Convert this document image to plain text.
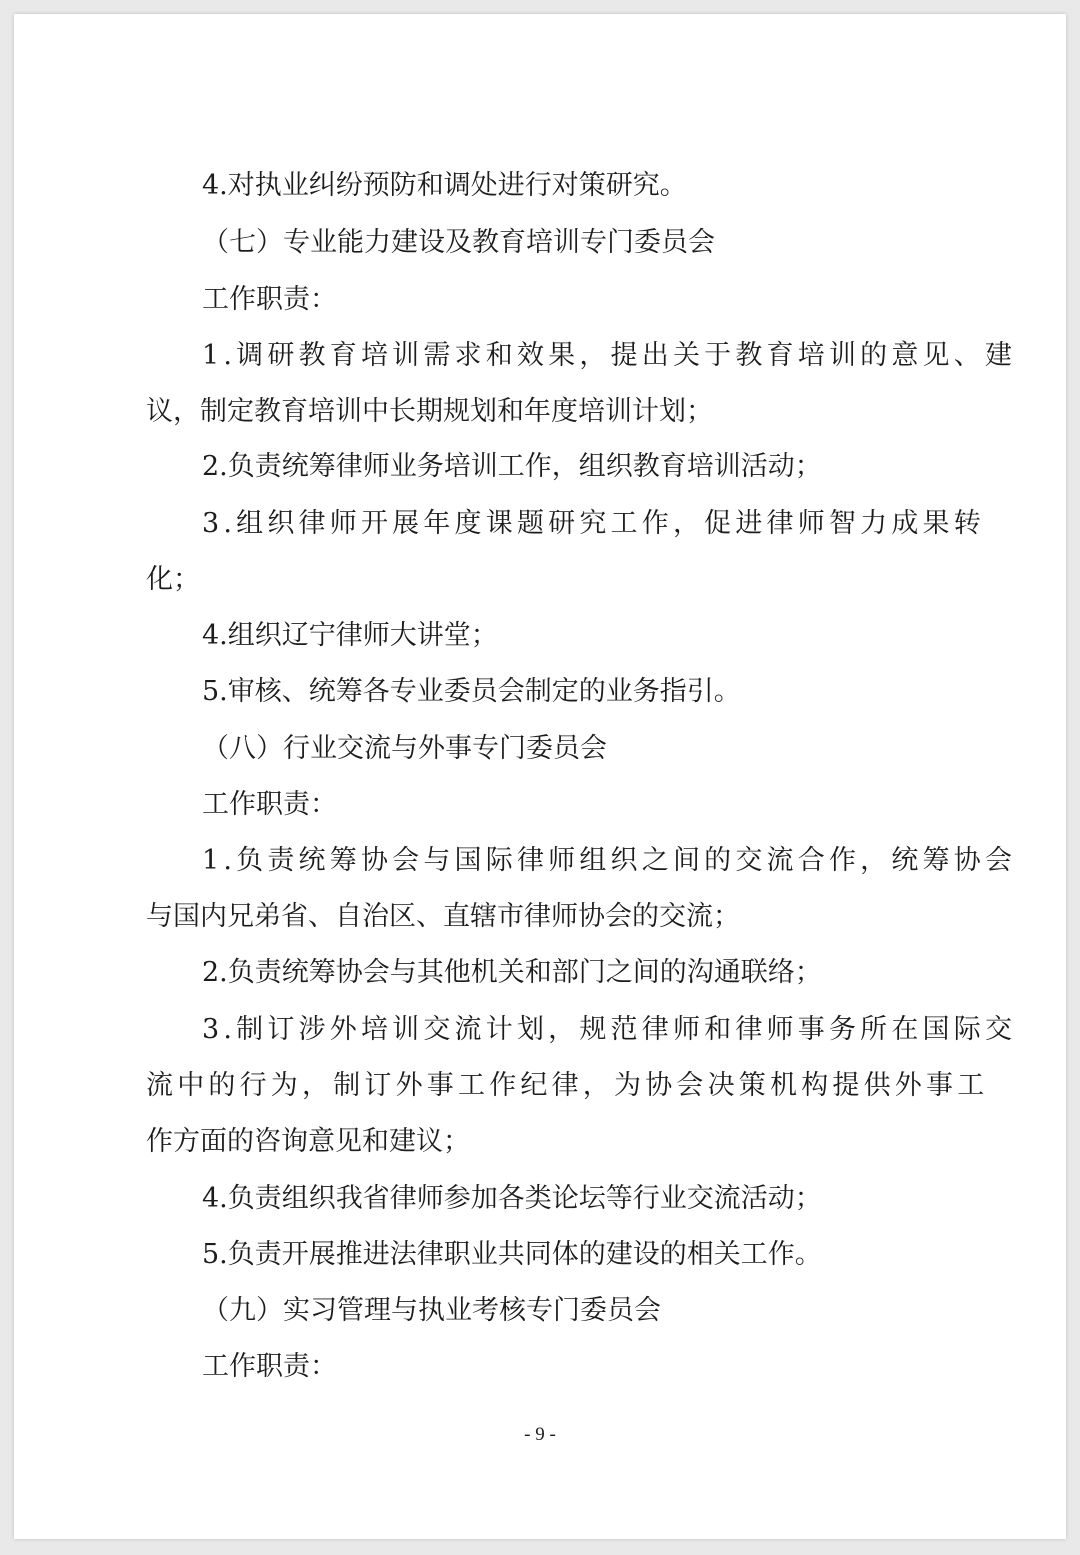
4.对执业纠纷预防和调处进行对策研究。

（七）专业能力建设及教育培训专门委员会

工作职责：

1.调研教育培训需求和效果，提出关于教育培训的意见、建

议，制定教育培训中长期规划和年度培训计划；

2.负责统筹律师业务培训工作，组织教育培训活动；

3.组织律师开展年度课题研究工作，促进律师智力成果转

化；

4.组织辽宁律师大讲堂；

5.审核、统筹各专业委员会制定的业务指引。

（八）行业交流与外事专门委员会

工作职责：

1.负责统筹协会与国际律师组织之间的交流合作，统筹协会

与国内兄弟省、自治区、直辖市律师协会的交流；

2.负责统筹协会与其他机关和部门之间的沟通联络；

3.制订涉外培训交流计划，规范律师和律师事务所在国际交

流中的行为，制订外事工作纪律，为协会决策机构提供外事工

作方面的咨询意见和建议；

4.负责组织我省律师参加各类论坛等行业交流活动；

5.负责开展推进法律职业共同体的建设的相关工作。

（九）实习管理与执业考核专门委员会

工作职责：

- 9 -
